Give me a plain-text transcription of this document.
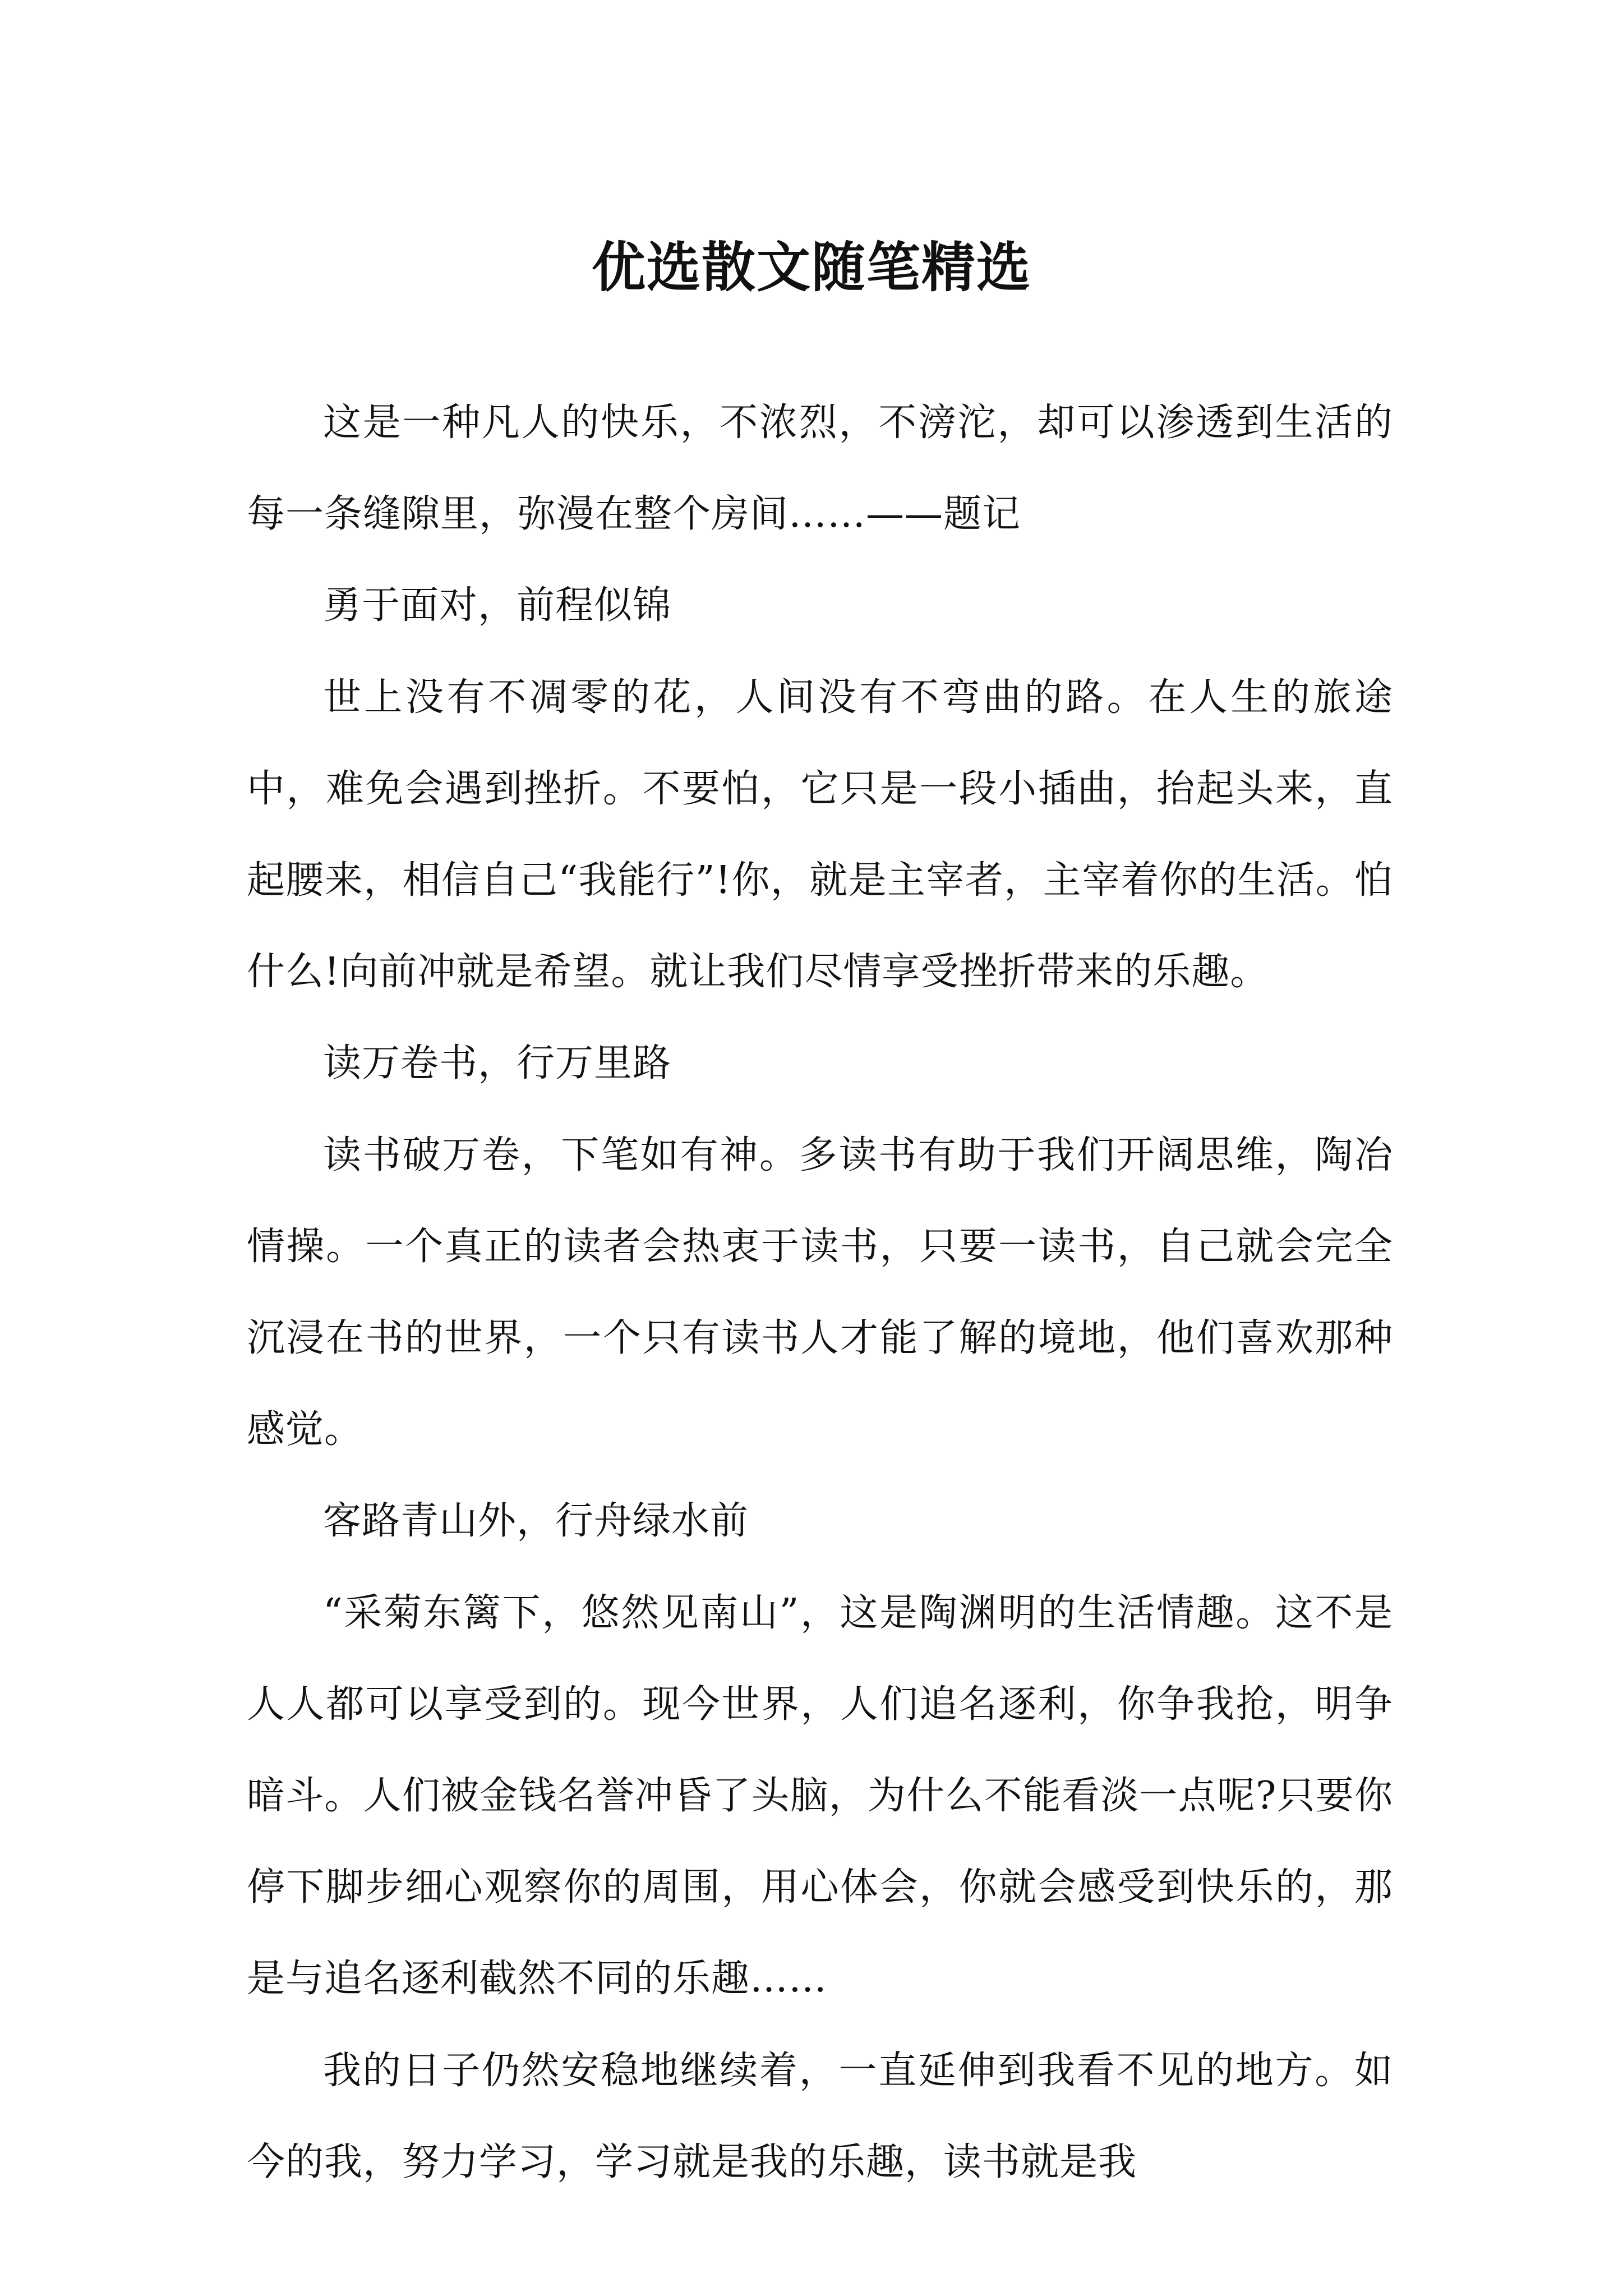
优选散文随笔精选

这是一种凡人的快乐，不浓烈，不滂沱，却可以渗透到生活的每一条缝隙里，弥漫在整个房间……——题记

勇于面对，前程似锦

世上没有不凋零的花，人间没有不弯曲的路。在人生的旅途中，难免会遇到挫折。不要怕，它只是一段小插曲，抬起头来，直起腰来，相信自己“我能行”!你，就是主宰者，主宰着你的生活。怕什么!向前冲就是希望。就让我们尽情享受挫折带来的乐趣。

读万卷书，行万里路

读书破万卷，下笔如有神。多读书有助于我们开阔思维，陶冶情操。一个真正的读者会热衷于读书，只要一读书，自己就会完全沉浸在书的世界，一个只有读书人才能了解的境地，他们喜欢那种感觉。

客路青山外，行舟绿水前

“采菊东篱下，悠然见南山”，这是陶渊明的生活情趣。这不是人人都可以享受到的。现今世界，人们追名逐利，你争我抢，明争暗斗。人们被金钱名誉冲昏了头脑，为什么不能看淡一点呢?只要你停下脚步细心观察你的周围，用心体会，你就会感受到快乐的，那是与追名逐利截然不同的乐趣……

我的日子仍然安稳地继续着，一直延伸到我看不见的地方。如今的我，努力学习，学习就是我的乐趣，读书就是我
